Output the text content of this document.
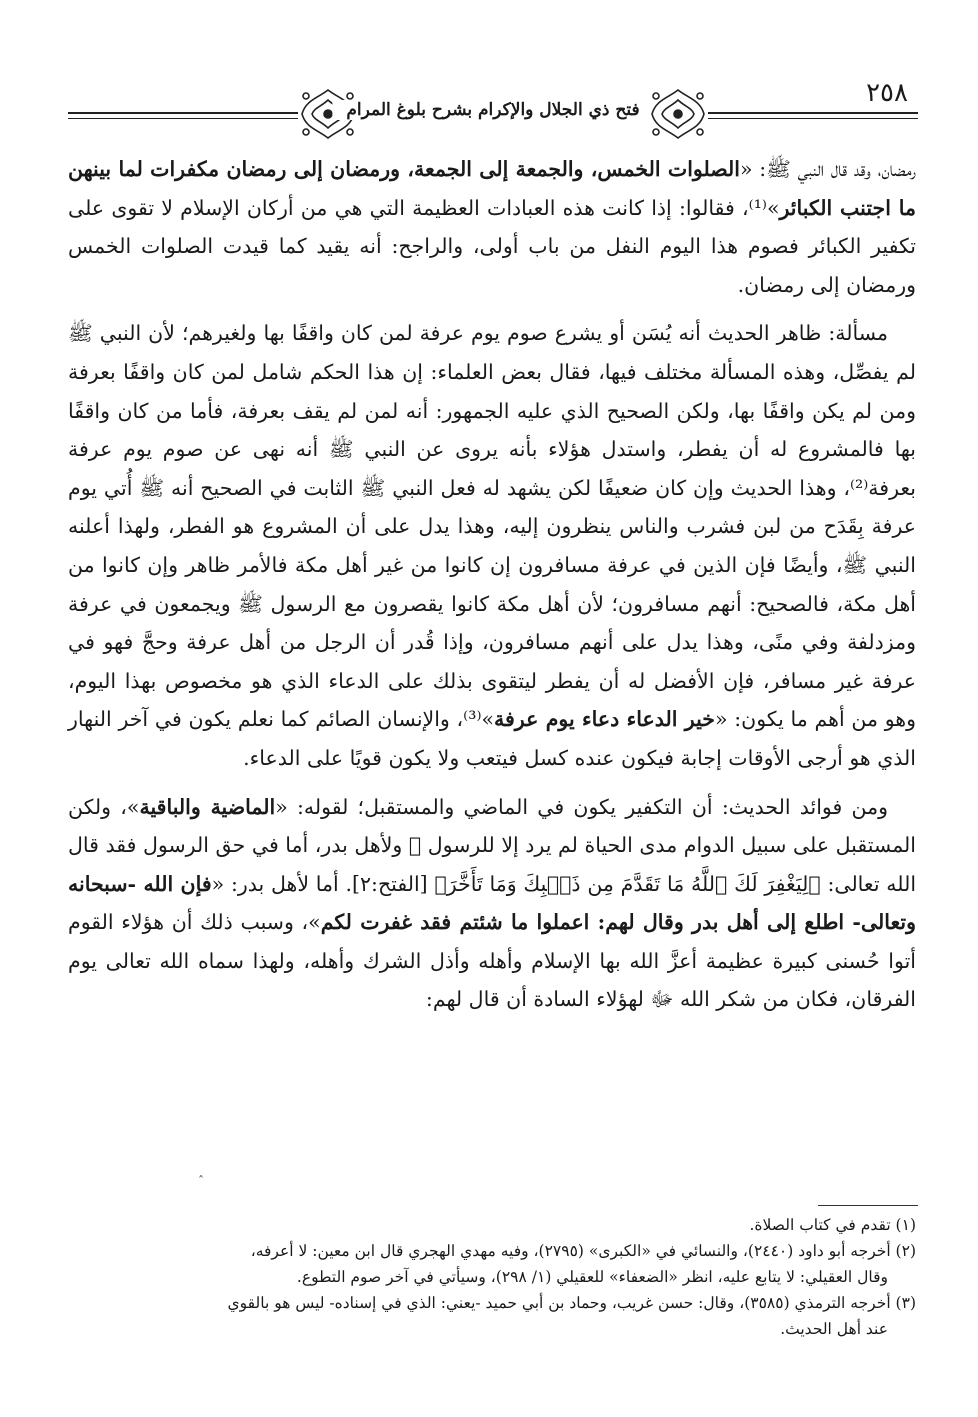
فتح ذي الجلال والإكرام بشرح بلوغ المرام
٢٥٨

رمضان، وقد قال النبي ﷺ: «الصلوات الخمس، والجمعة إلى الجمعة، ورمضان إلى رمضان مكفرات لما بينهن ما اجتنب الكبائر»⁽¹⁾، فقالوا: إذا كانت هذه العبادات العظيمة التي هي من أركان الإسلام لا تقوى على تكفير الكبائر فصوم هذا اليوم النفل من باب أولى، والراجح: أنه يقيد كما قيدت الصلوات الخمس ورمضان إلى رمضان.

مسألة: ظاهر الحديث أنه يُسَن أو يشرع صوم يوم عرفة لمن كان واقفًا بها ولغيرهم؛ لأن النبي ﷺ لم يفصِّل، وهذه المسألة مختلف فيها، فقال بعض العلماء: إن هذا الحكم شامل لمن كان واقفًا بعرفة ومن لم يكن واقفًا بها، ولكن الصحيح الذي عليه الجمهور: أنه لمن لم يقف بعرفة، فأما من كان واقفًا بها فالمشروع له أن يفطر، واستدل هؤلاء بأنه يروى عن النبي ﷺ أنه نهى عن صوم يوم عرفة بعرفة⁽²⁾، وهذا الحديث وإن كان ضعيفًا لكن يشهد له فعل النبي ﷺ الثابت في الصحيح أنه ﷺ أُتي يوم عرفة بِقَدَح من لبن فشرب والناس ينظرون إليه، وهذا يدل على أن المشروع هو الفطر، ولهذا أعلنه النبي ﷺ، وأيضًا فإن الذين في عرفة مسافرون إن كانوا من غير أهل مكة فالأمر ظاهر وإن كانوا من أهل مكة، فالصحيح: أنهم مسافرون؛ لأن أهل مكة كانوا يقصرون مع الرسول ﷺ ويجمعون في عرفة ومزدلفة وفي منًى، وهذا يدل على أنهم مسافرون، وإذا قُدر أن الرجل من أهل عرفة وحجَّ فهو في عرفة غير مسافر، فإن الأفضل له أن يفطر ليتقوى بذلك على الدعاء الذي هو مخصوص بهذا اليوم، وهو من أهم ما يكون: «خير الدعاء دعاء يوم عرفة»⁽³⁾، والإنسان الصائم كما نعلم يكون في آخر النهار الذي هو أرجى الأوقات إجابة فيكون عنده كسل فيتعب ولا يكون قويًا على الدعاء.

ومن فوائد الحديث: أن التكفير يكون في الماضي والمستقبل؛ لقوله: «الماضية والباقية»، ولكن المستقبل على سبيل الدوام مدى الحياة لم يرد إلا للرسول ﷺ ولأهل بدر، أما في حق الرسول فقد قال الله تعالى: ﴿لِيَغْفِرَ لَكَ ٱللَّهُ مَا تَقَدَّمَ مِن ذَنۢبِكَ وَمَا تَأَخَّرَ﴾ [الفتح:٢]. أما لأهل بدر: «فإن الله -سبحانه وتعالى- اطلع إلى أهل بدر وقال لهم: اعملوا ما شئتم فقد غفرت لكم»، وسبب ذلك أن هؤلاء القوم أتوا حُسنى كبيرة عظيمة أعزَّ الله بها الإسلام وأهله وأذل الشرك وأهله، ولهذا سماه الله تعالى يوم الفرقان، فكان من شكر الله ﷻ لهؤلاء السادة أن قال لهم:

ˆ

(١) تقدم في كتاب الصلاة.

(٢) أخرجه أبو داود (٢٤٤٠)، والنسائي في «الكبرى» (٢٧٩٥)، وفيه مهدي الهجري قال ابن معين: لا أعرفه،

وقال العقيلي: لا يتابع عليه، انظر «الضعفاء» للعقيلي (١/ ٢٩٨)، وسيأتي في آخر صوم التطوع.

(٣) أخرجه الترمذي (٣٥٨٥)، وقال: حسن غريب، وحماد بن أبي حميد -يعني: الذي في إسناده- ليس هو بالقوي

عند أهل الحديث.
